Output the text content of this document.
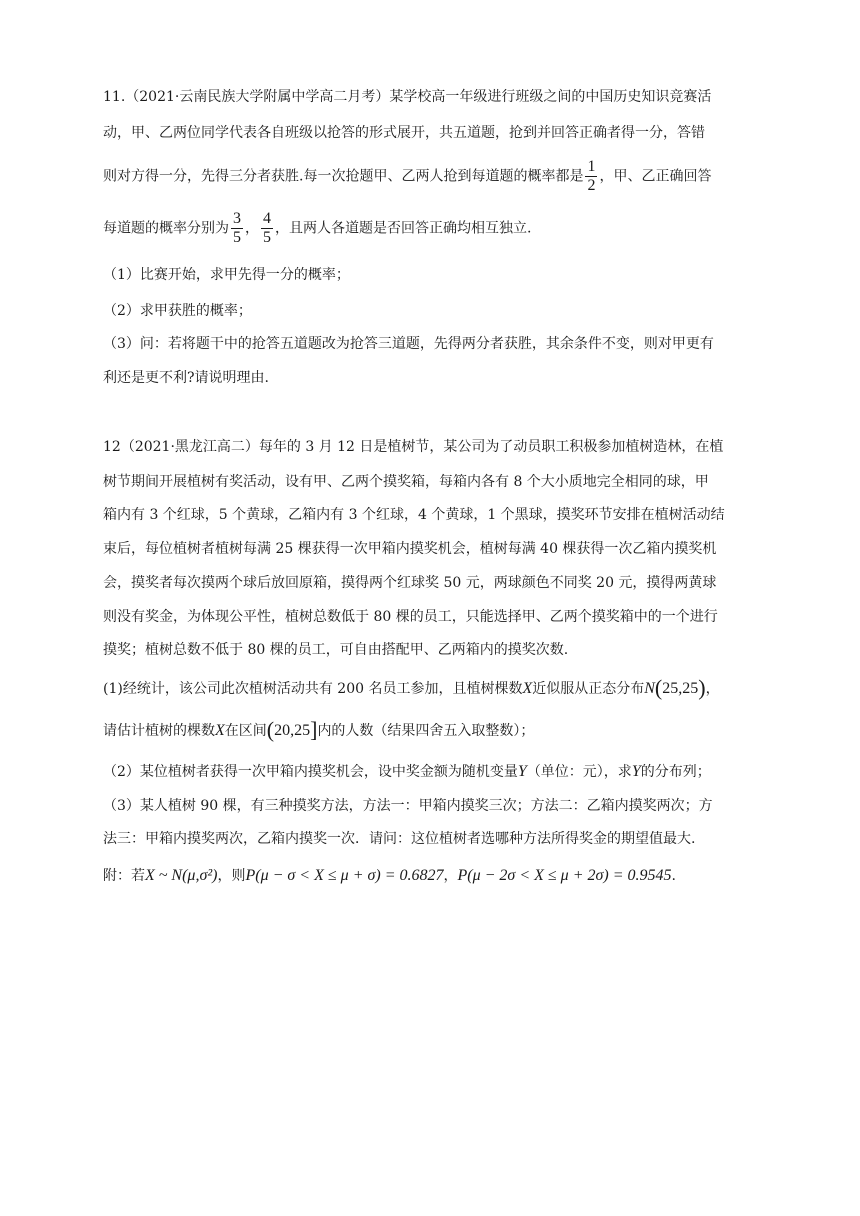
11.（2021·云南民族大学附属中学高二月考）某学校高一年级进行班级之间的中国历史知识竞赛活
动，甲、乙两位同学代表各自班级以抢答的形式展开，共五道题，抢到并回答正确者得一分，答错
则对方得一分，先得三分者获胜.每一次抢题甲、乙两人抢到每道题的概率都是 $\frac{1}{2}$ ，甲、乙正确回答
每道题的概率分别为 $\frac{3}{5}$ ， $\frac{4}{5}$ ，且两人各道题是否回答正确均相互独立.
（1）比赛开始，求甲先得一分的概率；
（2）求甲获胜的概率；
（3）问：若将题干中的抢答五道题改为抢答三道题，先得两分者获胜，其余条件不变，则对甲更有
利还是更不利?请说明理由.
12（2021·黑龙江高二）每年的 3 月 12 日是植树节，某公司为了动员职工积极参加植树造林，在植
树节期间开展植树有奖活动，设有甲、乙两个摸奖箱，每箱内各有 8 个大小质地完全相同的球，甲
箱内有 3 个红球，5 个黄球，乙箱内有 3 个红球，4 个黄球，1 个黑球，摸奖环节安排在植树活动结
束后，每位植树者植树每满 25 棵获得一次甲箱内摸奖机会，植树每满 40 棵获得一次乙箱内摸奖机
会，摸奖者每次摸两个球后放回原箱，摸得两个红球奖 50 元，两球颜色不同奖 20 元，摸得两黄球
则没有奖金，为体现公平性，植树总数低于 80 棵的员工，只能选择甲、乙两个摸奖箱中的一个进行
摸奖；植树总数不低于 80 棵的员工，可自由搭配甲、乙两箱内的摸奖次数.
(1)经统计，该公司此次植树活动共有 200 名员工参加，且植树棵数X近似服从正态分布N(25,25)，
请估计植树的棵数X在区间(20,25]内的人数（结果四舍五入取整数）；
（2）某位植树者获得一次甲箱内摸奖机会，设中奖金额为随机变量Y（单位：元），求Y的分布列；
（3）某人植树 90 棵，有三种摸奖方法，方法一：甲箱内摸奖三次；方法二：乙箱内摸奖两次；方
法三：甲箱内摸奖两次，乙箱内摸奖一次．请问：这位植树者选哪种方法所得奖金的期望值最大.
附：若X ~ N(μ,σ²)，则P(μ − σ < X ≤ μ + σ) = 0.6827，P(μ − 2σ < X ≤ μ + 2σ) = 0.9545.
